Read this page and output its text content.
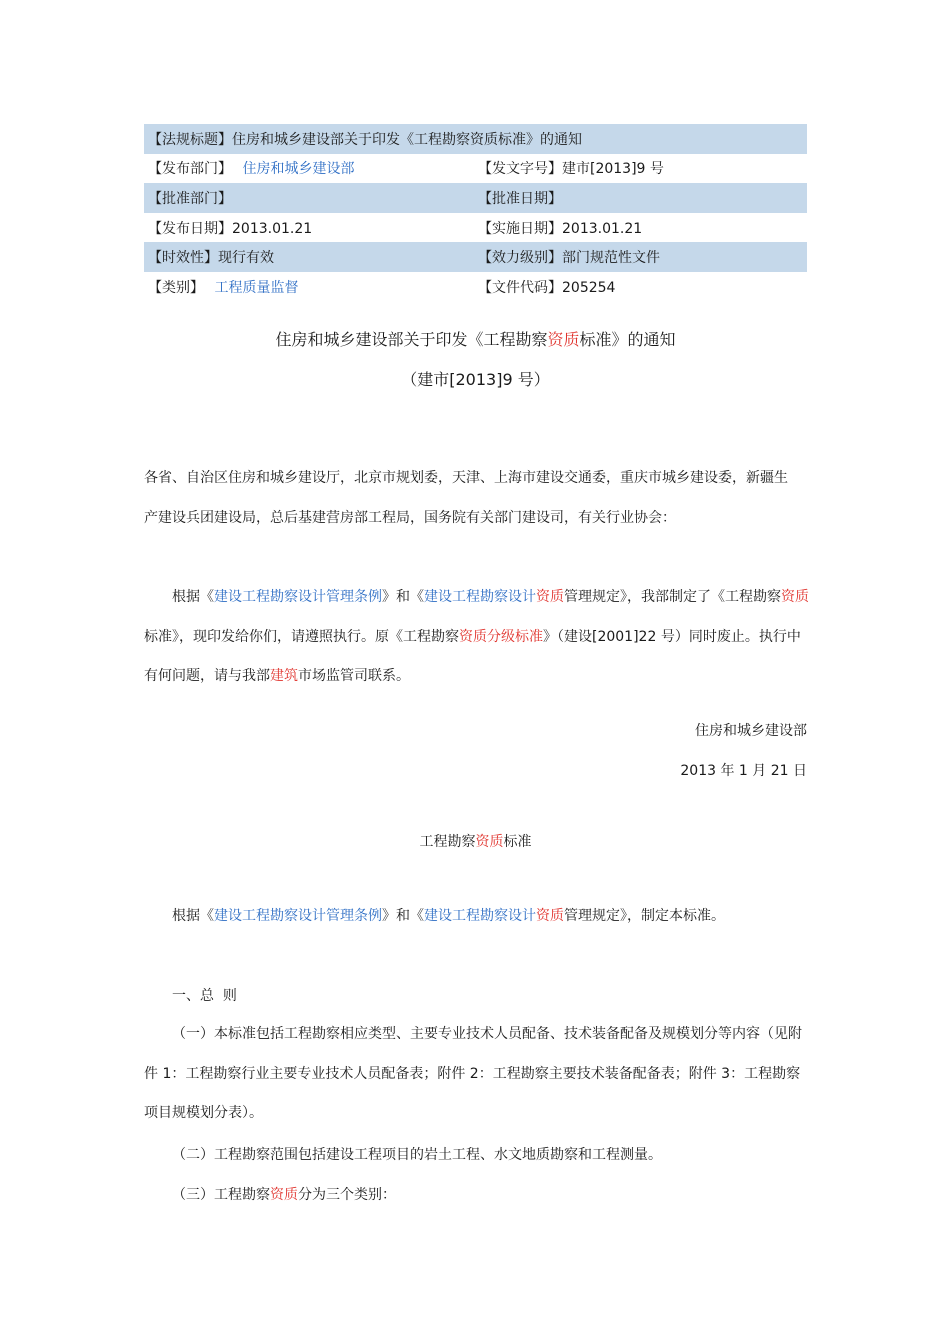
【法规标题】住房和城乡建设部关于印发《工程勘察资质标准》的通知
【发布部门】 住房和城乡建设部	【发文字号】建市[2013]9 号
【批准部门】	【批准日期】
【发布日期】2013.01.21	【实施日期】2013.01.21
【时效性】现行有效	【效力级别】部门规范性文件
【类别】 工程质量监督	【文件代码】205254
住房和城乡建设部关于印发《工程勘察资质标准》的通知
（建市[2013]9 号）
各省、自治区住房和城乡建设厅，北京市规划委，天津、上海市建设交通委，重庆市城乡建设委，新疆生
产建设兵团建设局，总后基建营房部工程局，国务院有关部门建设司，有关行业协会：
根据《建设工程勘察设计管理条例》和《建设工程勘察设计资质管理规定》，我部制定了《工程勘察资质标准》，现印发给你们，请遵照执行。原《工程勘察资质分级标准》（建设[2001]22 号）同时废止。执行中有何问题，请与我部建筑市场监管司联系。
住房和城乡建设部
2013 年 1 月 21 日
工程勘察资质标准
根据《建设工程勘察设计管理条例》和《建设工程勘察设计资质管理规定》，制定本标准。
一、总  则
（一）本标准包括工程勘察相应类型、主要专业技术人员配备、技术装备配备及规模划分等内容（见附件 1：工程勘察行业主要专业技术人员配备表；附件 2：工程勘察主要技术装备配备表；附件 3：工程勘察项目规模划分表）。
（二）工程勘察范围包括建设工程项目的岩土工程、水文地质勘察和工程测量。
（三）工程勘察资质分为三个类别：
